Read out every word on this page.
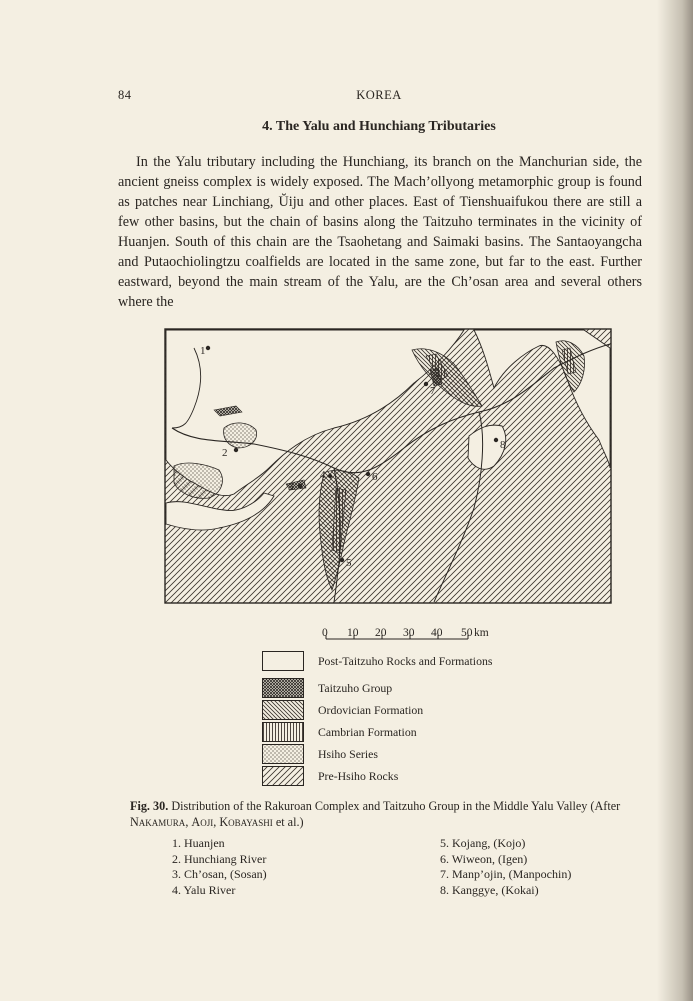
84	KOREA
4. The Yalu and Hunchiang Tributaries

In the Yalu tributary including the Hunchiang, its branch on the Manchurian side, the ancient gneiss complex is widely exposed. The Mach’ollyong metamorphic group is found as patches near Linchiang, Ŭiju and other places. East of Tienshuaifukou there are still a few other basins, but the chain of basins along the Taitzuho terminates in the vicinity of Huanjen. South of this chain are the Tsaohetang and Saimaki basins. The Santaoyangcha and Putaochiolingtzu coalfields are located in the same zone, but far to the east. Further eastward, beyond the main stream of the Yalu, are the Ch’osan area and several others where the

1
2
3
4
5
6
7
8
0 10 20 30 40 50 km
Post-Taitzuho Rocks and Formations
Taitzuho Group
Ordovician Formation
Cambrian Formation
Hsiho Series
Pre-Hsiho Rocks

Fig. 30. Distribution of the Rakuroan Complex and Taitzuho Group in the Middle Yalu Valley (After Nakamura, Aoji, Kobayashi et al.)

1. Huanjen
2. Hunchiang River
3. Ch’osan, (Sosan)
4. Yalu River
5. Kojang, (Kojo)
6. Wiweon, (Igen)
7. Manp’ojin, (Manpochin)
8. Kanggye, (Kokai)
